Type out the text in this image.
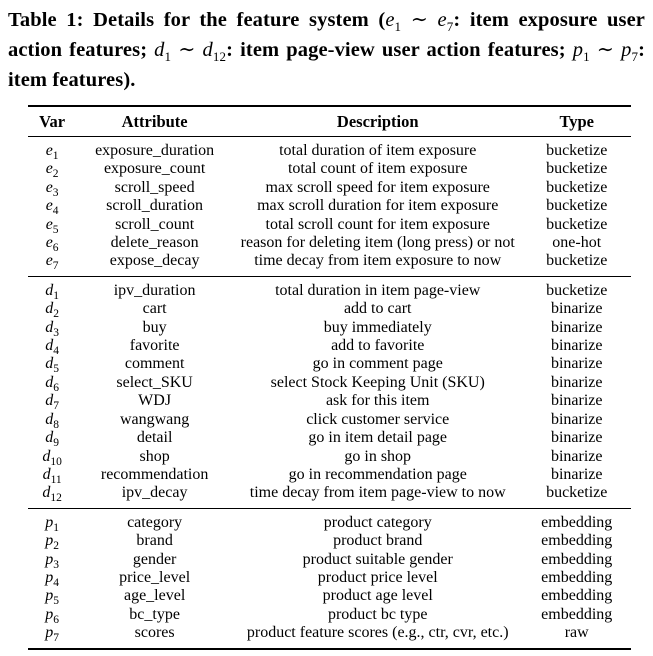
Table 1: Details for the feature system ($e_1$ ∼ $e_7$: item exposure user action features; $d_1$ ∼ $d_{12}$: item page-view user action features; $p_1$ ∼ $p_7$: item features).
Var	Attribute	Description	Type
$e_1$	exposure_duration	total duration of item exposure	bucketize
$e_2$	exposure_count	total count of item exposure	bucketize
$e_3$	scroll_speed	max scroll speed for item exposure	bucketize
$e_4$	scroll_duration	max scroll duration for item exposure	bucketize
$e_5$	scroll_count	total scroll count for item exposure	bucketize
$e_6$	delete_reason	reason for deleting item (long press) or not	one-hot
$e_7$	expose_decay	time decay from item exposure to now	bucketize
$d_1$	ipv_duration	total duration in item page-view	bucketize
$d_2$	cart	add to cart	binarize
$d_3$	buy	buy immediately	binarize
$d_4$	favorite	add to favorite	binarize
$d_5$	comment	go in comment page	binarize
$d_6$	select_SKU	select Stock Keeping Unit (SKU)	binarize
$d_7$	WDJ	ask for this item	binarize
$d_8$	wangwang	click customer service	binarize
$d_9$	detail	go in item detail page	binarize
$d_{10}$	shop	go in shop	binarize
$d_{11}$	recommendation	go in recommendation page	binarize
$d_{12}$	ipv_decay	time decay from item page-view to now	bucketize
$p_1$	category	product category	embedding
$p_2$	brand	product brand	embedding
$p_3$	gender	product suitable gender	embedding
$p_4$	price_level	product price level	embedding
$p_5$	age_level	product age level	embedding
$p_6$	bc_type	product bc type	embedding
$p_7$	scores	product feature scores (e.g., ctr, cvr, etc.)	raw
